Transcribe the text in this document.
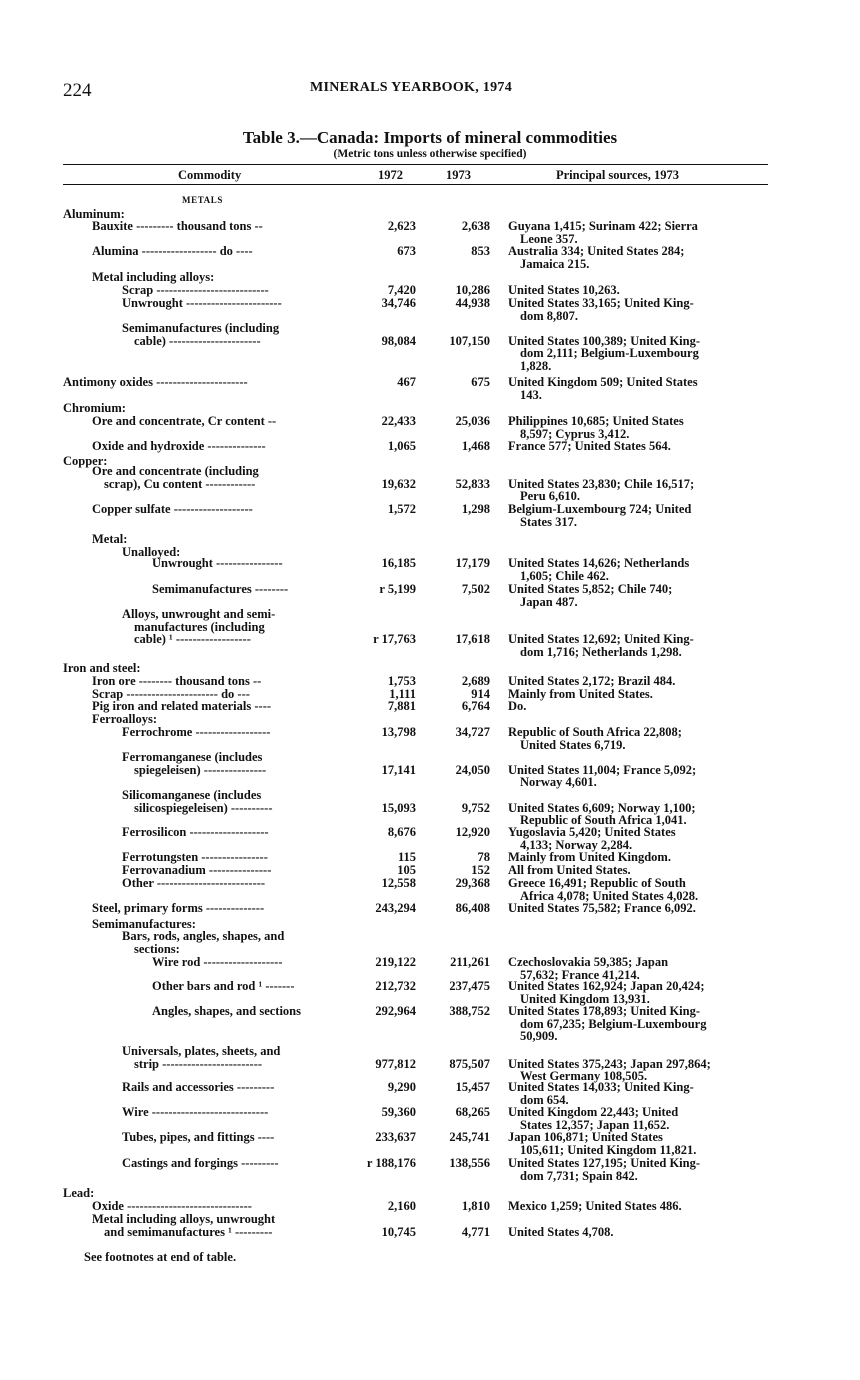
224	MINERALS YEARBOOK, 1974
Table 3.—Canada: Imports of mineral commodities
(Metric tons unless otherwise specified)
Commodity	1972	1973	Principal sources, 1973
METALS
Aluminum:
Bauxite --------- thousand tons --	2,623	2,638 Guyana 1,415; Surinam 422; Sierra
Leone 357.
Alumina ------------------ do ----	673	853 Australia 334; United States 284;
Jamaica 215.
Metal including alloys:
Scrap ---------------------------	7,420	10,286 United States 10,263.
Unwrought -----------------------	34,746	44,938 United States 33,165; United King-
dom 8,807.
Semimanufactures (including
cable) ----------------------	98,084	107,150 United States 100,389; United King-
dom 2,111; Belgium-Luxembourg
1,828.
Antimony oxides ----------------------	467	675 United Kingdom 509; United States
143.
Chromium:
Ore and concentrate, Cr content --	22,433	25,036 Philippines 10,685; United States
8,597; Cyprus 3,412.
Oxide and hydroxide --------------	1,065	1,468 France 577; United States 564.
Copper:
Ore and concentrate (including
scrap), Cu content ------------	19,632	52,833 United States 23,830; Chile 16,517;
Peru 6,610.
Copper sulfate -------------------	1,572	1,298 Belgium-Luxembourg 724; United
States 317.
Metal:
Unalloyed:
Unwrought ----------------	16,185	17,179 United States 14,626; Netherlands
1,605; Chile 462.
Semimanufactures --------	r 5,199	7,502 United States 5,852; Chile 740;
Japan 487.
Alloys, unwrought and semi-
manufactures (including
cable) ¹ ------------------	r 17,763	17,618 United States 12,692; United King-
dom 1,716; Netherlands 1,298.
Iron and steel:
Iron ore -------- thousand tons --	1,753	2,689 United States 2,172; Brazil 484.
Scrap ---------------------- do ---	1,111	914 Mainly from United States.
Pig iron and related materials ----	7,881	6,764 Do.
Ferroalloys:
Ferrochrome ------------------	13,798	34,727 Republic of South Africa 22,808;
United States 6,719.
Ferromanganese (includes
spiegeleisen) ---------------	17,141	24,050 United States 11,004; France 5,092;
Norway 4,601.
Silicomanganese (includes
silicospiegeleisen) ----------	15,093	9,752 United States 6,609; Norway 1,100;
Republic of South Africa 1,041.
Ferrosilicon -------------------	8,676	12,920 Yugoslavia 5,420; United States
4,133; Norway 2,284.
Ferrotungsten ----------------	115	78 Mainly from United Kingdom.
Ferrovanadium ---------------	105	152 All from United States.
Other --------------------------	12,558	29,368 Greece 16,491; Republic of South
Africa 4,078; United States 4,028.
Steel, primary forms --------------	243,294	86,408 United States 75,582; France 6,092.
Semimanufactures:
Bars, rods, angles, shapes, and
sections:
Wire rod -------------------	219,122	211,261 Czechoslovakia 59,385; Japan
57,632; France 41,214.
Other bars and rod ¹ -------	212,732	237,475 United States 162,924; Japan 20,424;
United Kingdom 13,931.
Angles, shapes, and sections	292,964	388,752 United States 178,893; United King-
dom 67,235; Belgium-Luxembourg
50,909.
Universals, plates, sheets, and
strip ------------------------	977,812	875,507 United States 375,243; Japan 297,864;
West Germany 108,505.
Rails and accessories ---------	9,290	15,457 United States 14,033; United King-
dom 654.
Wire ----------------------------	59,360	68,265 United Kingdom 22,443; United
States 12,357; Japan 11,652.
Tubes, pipes, and fittings ----	233,637	245,741 Japan 106,871; United States
105,611; United Kingdom 11,821.
Castings and forgings ---------	r 188,176	138,556 United States 127,195; United King-
dom 7,731; Spain 842.
Lead:
Oxide ------------------------------	2,160	1,810 Mexico 1,259; United States 486.
Metal including alloys, unwrought
and semimanufactures ¹ ---------	10,745	4,771 United States 4,708.
See footnotes at end of table.
